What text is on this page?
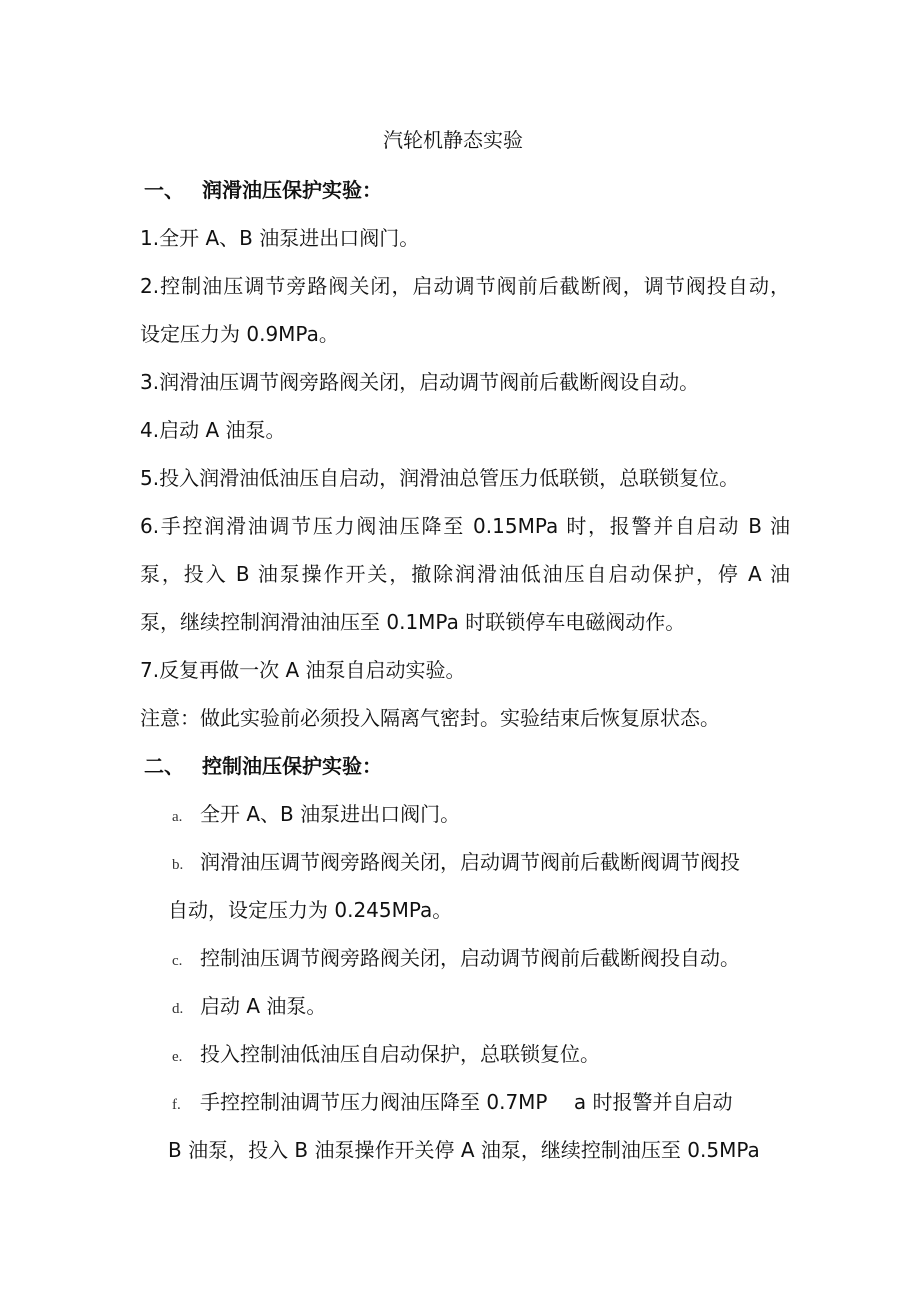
汽轮机静态实验
一、 润滑油压保护实验：
1.全开 A、B 油泵进出口阀门。
2.控制油压调节旁路阀关闭，启动调节阀前后截断阀，调节阀投自动，
设定压力为 0.9MPa。
3.润滑油压调节阀旁路阀关闭，启动调节阀前后截断阀设自动。
4.启动 A 油泵。
5.投入润滑油低油压自启动，润滑油总管压力低联锁，总联锁复位。
6.手控润滑油调节压力阀油压降至 0.15MPa 时，报警并自启动 B 油
泵，投入 B 油泵操作开关，撤除润滑油低油压自启动保护，停 A 油
泵，继续控制润滑油油压至 0.1MPa 时联锁停车电磁阀动作。
7.反复再做一次 A 油泵自启动实验。
注意：做此实验前必须投入隔离气密封。实验结束后恢复原状态。
二、 控制油压保护实验：
a. 全开 A、B 油泵进出口阀门。
b. 润滑油压调节阀旁路阀关闭，启动调节阀前后截断阀调节阀投
自动，设定压力为 0.245MPa。
c. 控制油压调节阀旁路阀关闭，启动调节阀前后截断阀投自动。
d. 启动 A 油泵。
e. 投入控制油低油压自启动保护，总联锁复位。
f. 手控控制油调节压力阀油压降至 0.7MP　 a 时报警并自启动
B 油泵，投入 B 油泵操作开关停 A 油泵，继续控制油压至 0.5MPa
